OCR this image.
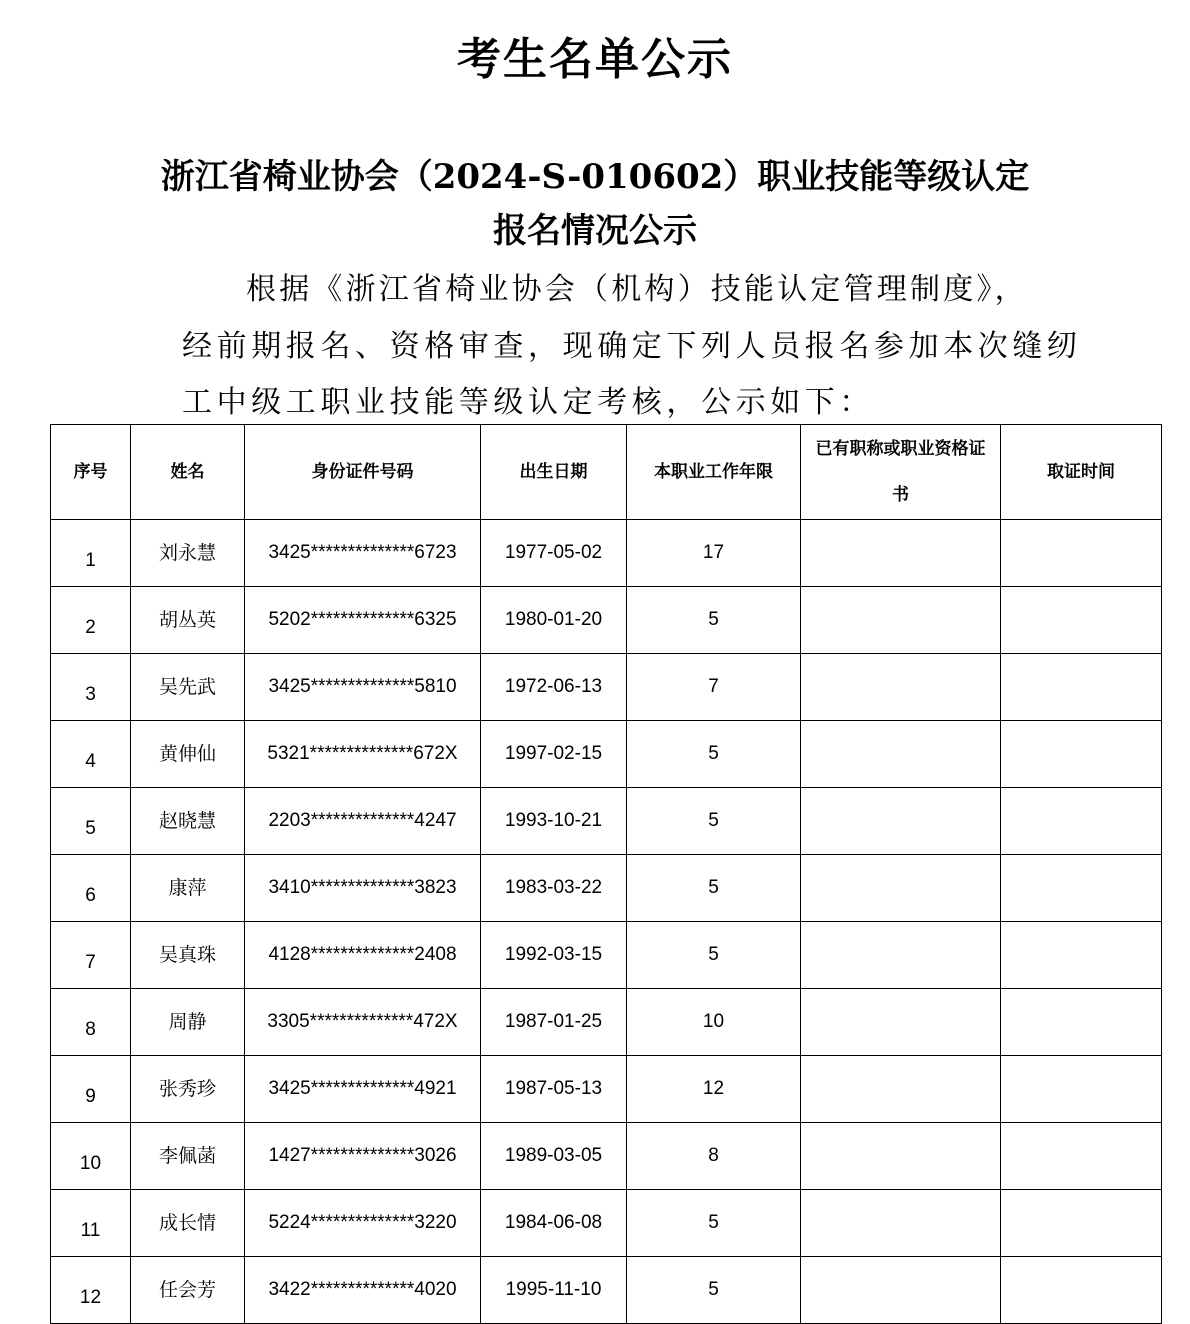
考生名单公示
浙江省椅业协会（2024-S-010602）职业技能等级认定
报名情况公示

根据《浙江省椅业协会（机构）技能认定管理制度》，

经前期报名、资格审查，现确定下列人员报名参加本次缝纫

工中级工职业技能等级认定考核，公示如下：

序号	姓名	身份证件号码	出生日期	本职业工作年限	已有职称或职业资格证书	取证时间
1	刘永慧	3425**************6723	1977-05-02	17		
2	胡丛英	5202**************6325	1980-01-20	5		
3	吴先武	3425**************5810	1972-06-13	7		
4	黄伸仙	5321**************672X	1997-02-15	5		
5	赵晓慧	2203**************4247	1993-10-21	5		
6	康萍	3410**************3823	1983-03-22	5		
7	吴真珠	4128**************2408	1992-03-15	5		
8	周静	3305**************472X	1987-01-25	10		
9	张秀珍	3425**************4921	1987-05-13	12		
10	李佩菡	1427**************3026	1989-03-05	8		
11	成长情	5224**************3220	1984-06-08	5		
12	任会芳	3422**************4020	1995-11-10	5		
